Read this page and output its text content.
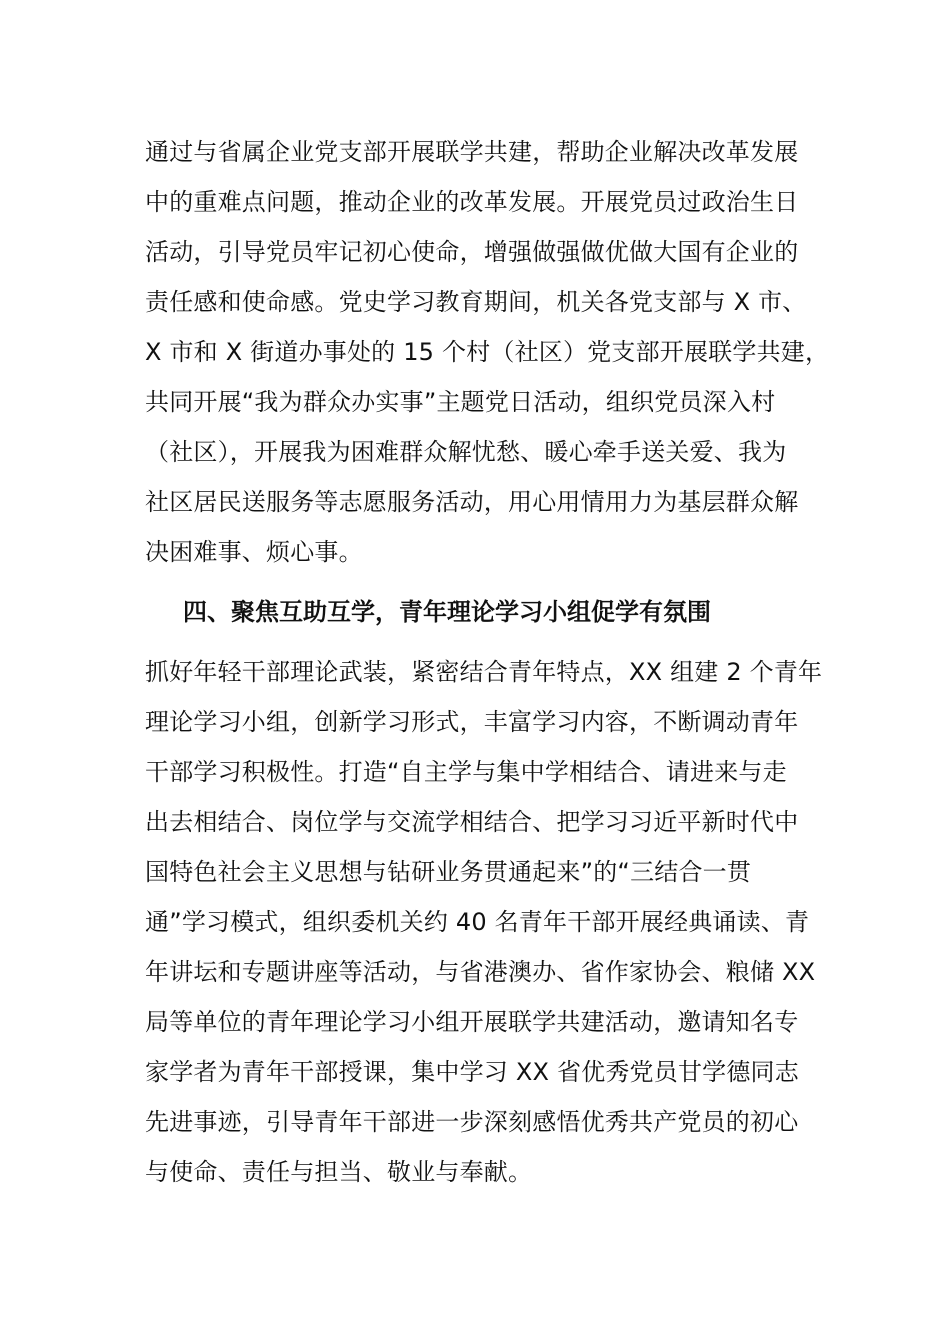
通过与省属企业党支部开展联学共建，帮助企业解决改革发展
中的重难点问题，推动企业的改革发展。开展党员过政治生日
活动，引导党员牢记初心使命，增强做强做优做大国有企业的
责任感和使命感。党史学习教育期间，机关各党支部与 X 市、
X 市和 X 街道办事处的 15 个村（社区）党支部开展联学共建，
共同开展“我为群众办实事”主题党日活动，组织党员深入村
（社区），开展我为困难群众解忧愁、暖心牵手送关爱、我为
社区居民送服务等志愿服务活动，用心用情用力为基层群众解
决困难事、烦心事。
四、聚焦互助互学，青年理论学习小组促学有氛围
抓好年轻干部理论武装，紧密结合青年特点，XX 组建 2 个青年
理论学习小组，创新学习形式，丰富学习内容，不断调动青年
干部学习积极性。打造“自主学与集中学相结合、请进来与走
出去相结合、岗位学与交流学相结合、把学习习近平新时代中
国特色社会主义思想与钻研业务贯通起来”的“三结合一贯
通”学习模式，组织委机关约 40 名青年干部开展经典诵读、青
年讲坛和专题讲座等活动，与省港澳办、省作家协会、粮储 XX
局等单位的青年理论学习小组开展联学共建活动，邀请知名专
家学者为青年干部授课，集中学习 XX 省优秀党员甘学德同志
先进事迹，引导青年干部进一步深刻感悟优秀共产党员的初心
与使命、责任与担当、敬业与奉献。
